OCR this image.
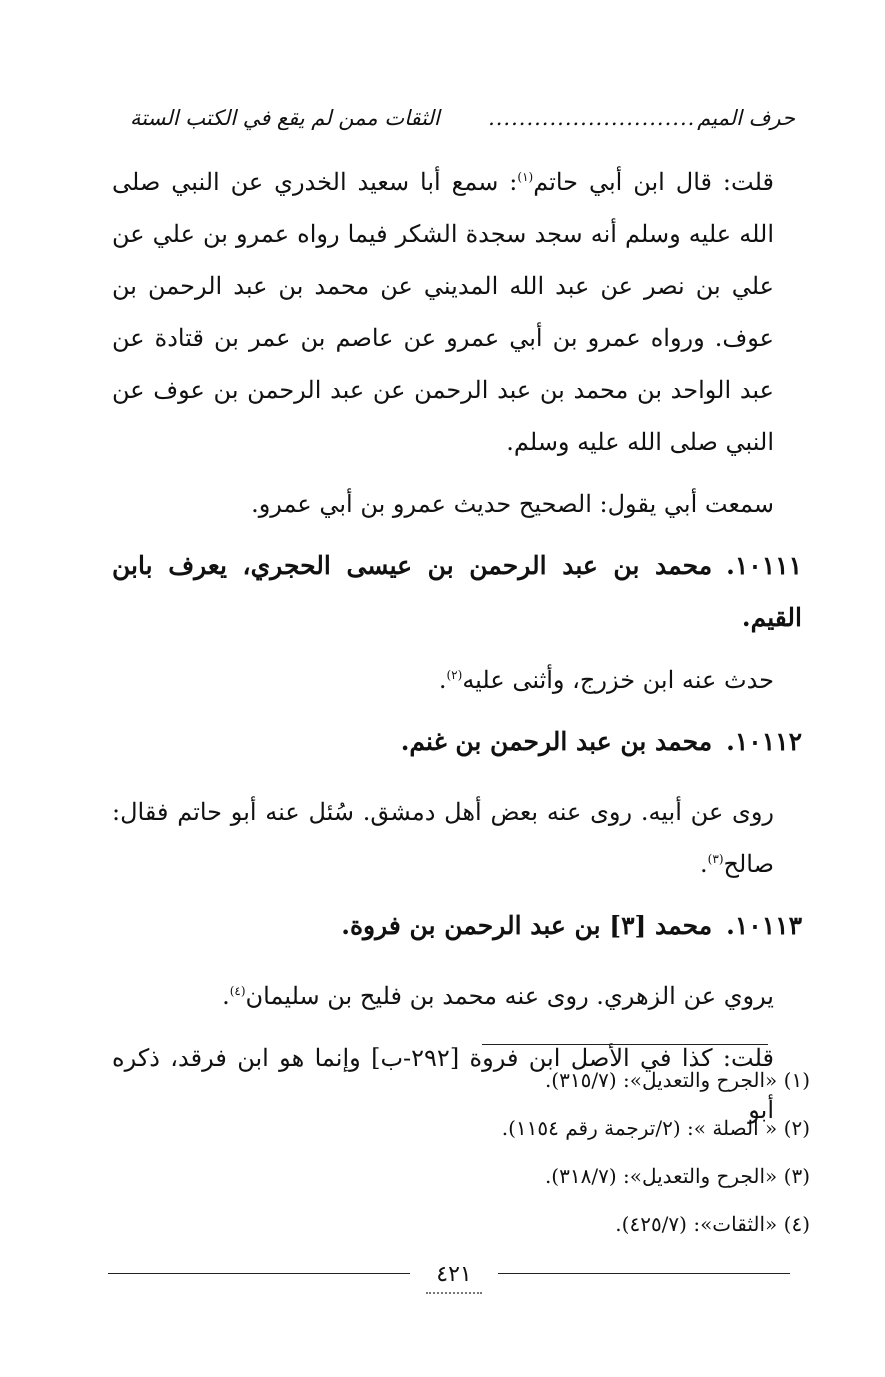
حرف الميم
...........................
الثقات ممن لم يقع في الكتب الستة

قلت: قال ابن أبي حاتم$^{(١)}$: سمع أبا سعيد الخدري عن النبي صلى الله عليه وسلم أنه سجد سجدة الشكر فيما رواه عمرو بن علي عن علي بن نصر عن عبد الله المديني عن محمد بن عبد الرحمن بن عوف. ورواه عمرو بن أبي عمرو عن عاصم بن عمر بن قتادة عن عبد الواحد بن محمد بن عبد الرحمن عن عبد الرحمن بن عوف عن النبي صلى الله عليه وسلم.

سمعت أبي يقول: الصحيح حديث عمرو بن أبي عمرو.

١٠١١١.محمد بن عبد الرحمن بن عيسى الحجري، يعرف بابن القيم.

حدث عنه ابن خزرج، وأثنى عليه$^{(٢)}$.

١٠١١٢.محمد بن عبد الرحمن بن غنم.

روى عن أبيه. روى عنه بعض أهل دمشق. سُئل عنه أبو حاتم فقال: صالح$^{(٣)}$.

١٠١١٣.محمد [٣] بن عبد الرحمن بن فروة.

يروي عن الزهري. روى عنه محمد بن فليح بن سليمان$^{(٤)}$.

قلت: كذا في الأصل ابن فروة [٢٩٢-ب] وإنما هو ابن فرقد، ذكره أبو

(١) «الجرح والتعديل»: (٣١٥/٧).

(٢) « الصلة »: (٢/ترجمة رقم ١١٥٤).

(٣) «الجرح والتعديل»: (٣١٨/٧).

(٤) «الثقات»: (٤٢٥/٧).

٤٢١
